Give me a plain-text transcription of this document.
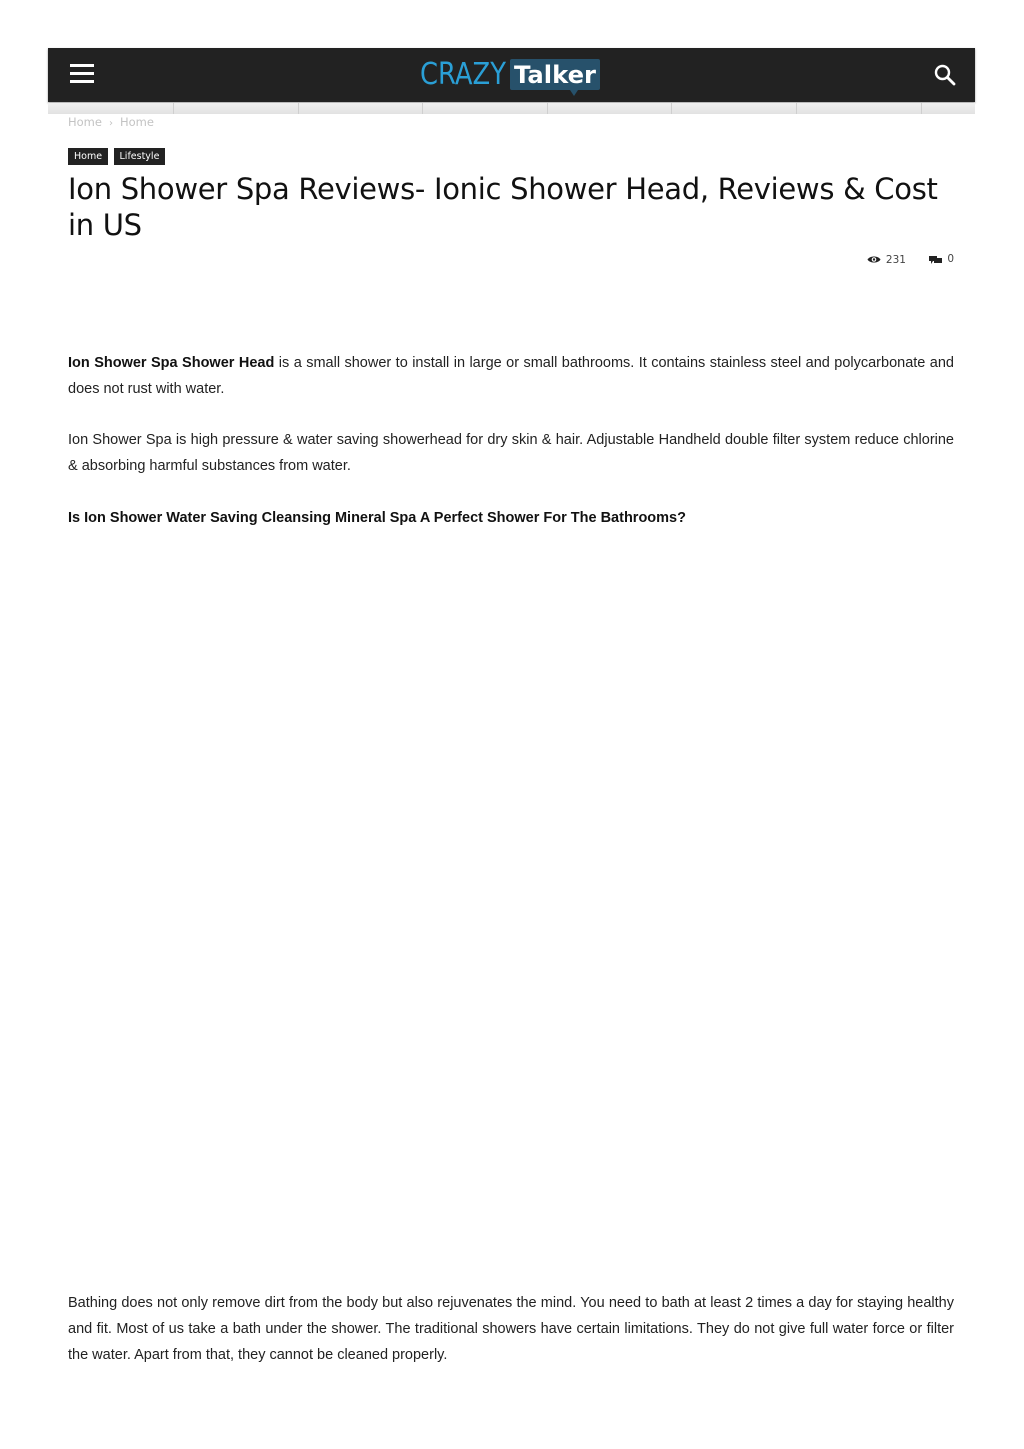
CRAZY Talker
Home › Home
Home Lifestyle
Ion Shower Spa Reviews- Ionic Shower Head, Reviews & Cost in US
231
	0

Ion Shower Spa Shower Head is a small shower to install in large or small bathrooms. It contains stainless steel and polycarbonate and does not rust with water.

Ion Shower Spa is high pressure & water saving showerhead for dry skin & hair. Adjustable Handheld double filter system reduce chlorine & absorbing harmful substances from water.

Is Ion Shower Water Saving Cleansing Mineral Spa A Perfect Shower For The Bathrooms?

Bathing does not only remove dirt from the body but also rejuvenates the mind. You need to bath at least 2 times a day for staying healthy and fit. Most of us take a bath under the shower. The traditional showers have certain limitations. They do not give full water force or filter the water. Apart from that, they cannot be cleaned properly.
